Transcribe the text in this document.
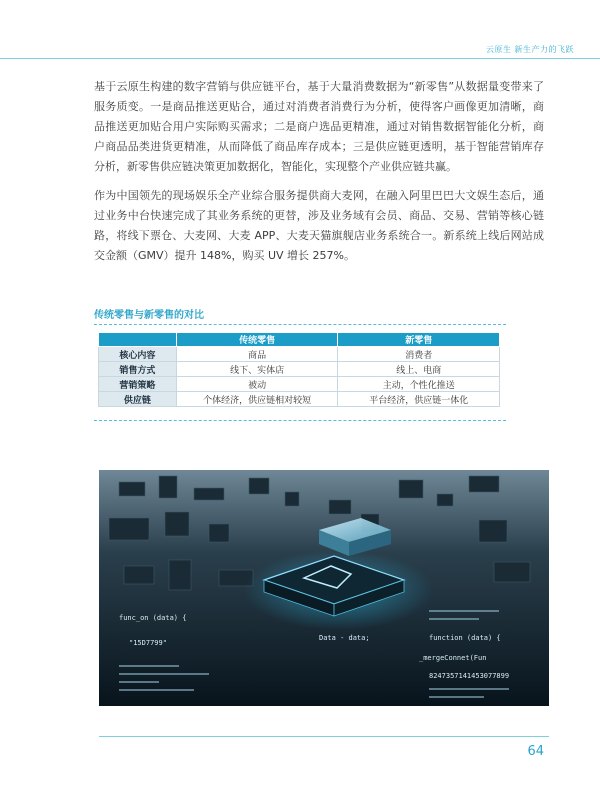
云原生 新生产力的飞跃

基于云原生构建的数字营销与供应链平台，基于大量消费数据为“新零售”从数据量变带来了服务质变。一是商品推送更贴合，通过对消费者消费行为分析，使得客户画像更加清晰，商品推送更加贴合用户实际购买需求；二是商户选品更精准，通过对销售数据智能化分析，商户商品品类进货更精准，从而降低了商品库存成本；三是供应链更透明，基于智能营销库存分析，新零售供应链决策更加数据化，智能化，实现整个产业供应链共赢。

作为中国领先的现场娱乐全产业综合服务提供商大麦网，在融入阿里巴巴大文娱生态后，通过业务中台快速完成了其业务系统的更替，涉及业务域有会员、商品、交易、营销等核心链路，将线下票仓、大麦网、大麦 APP、大麦天猫旗舰店业务系统合一。新系统上线后网站成交金额（GMV）提升 148%，购买 UV 增长 257%。

传统零售与新零售的对比
	传统零售	新零售
核心内容	商品	消费者
销售方式	线下、实体店	线上、电商
营销策略	被动	主动，个性化推送
供应链	个体经济，供应链相对较短	平台经济，供应链一体化
func_on (data) {
function (data) {
Data - data;
_mergeConnet(Fun
"15D7799"
8247357141453077899
64
